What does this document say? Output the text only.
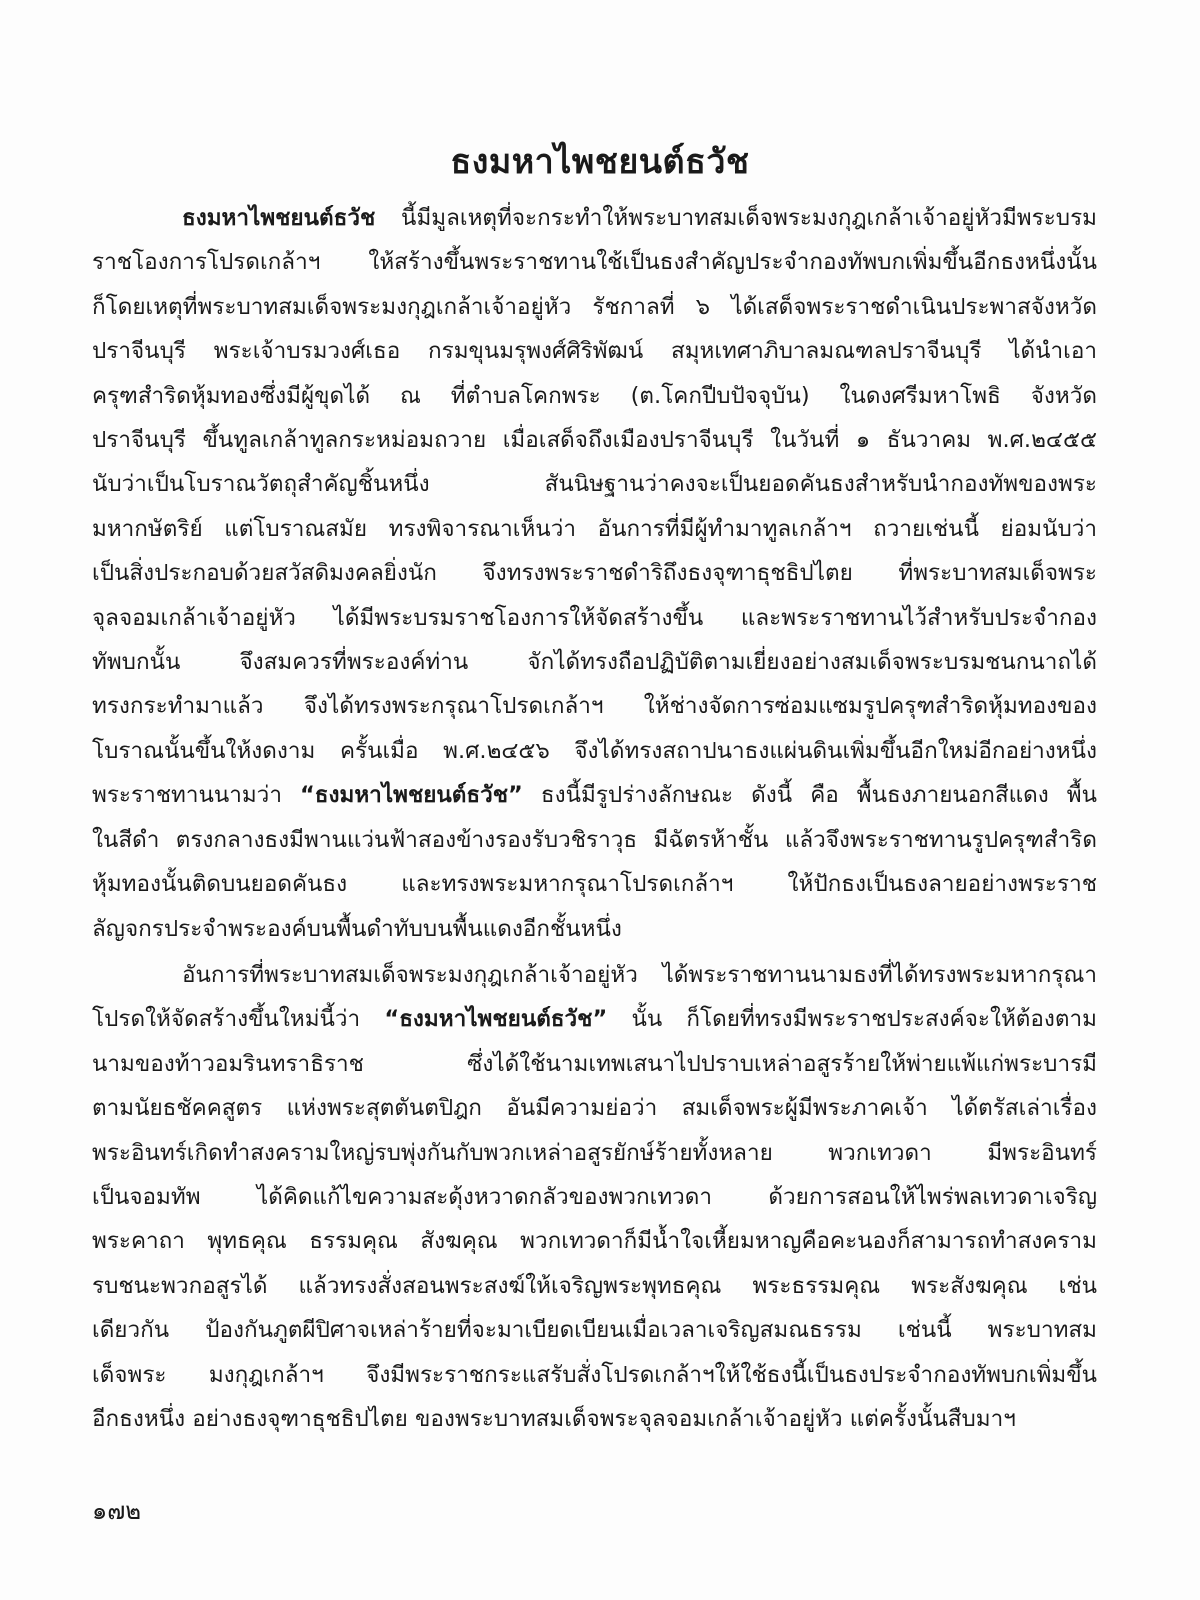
ธงมหาไพชยนต์ธวัช
ธงมหาไพชยนต์ธวัช นี้มีมูลเหตุที่จะกระทำให้พระบาทสมเด็จพระมงกุฎเกล้าเจ้าอยู่หัวมีพระบรม
ราชโองการโปรดเกล้าฯ ให้สร้างขึ้นพระราชทานใช้เป็นธงสำคัญประจำกองทัพบกเพิ่มขึ้นอีกธงหนึ่งนั้น
ก็โดยเหตุที่พระบาทสมเด็จพระมงกุฎเกล้าเจ้าอยู่หัว รัชกาลที่ ๖ ได้เสด็จพระราชดำเนินประพาสจังหวัด
ปราจีนบุรี พระเจ้าบรมวงศ์เธอ กรมขุนมรุพงศ์ศิริพัฒน์ สมุหเทศาภิบาลมณฑลปราจีนบุรี ได้นำเอา
ครุฑสำริดหุ้มทองซึ่งมีผู้ขุดได้ ณ ที่ตำบลโคกพระ (ต.โคกปีบปัจจุบัน) ในดงศรีมหาโพธิ จังหวัด
ปราจีนบุรี ขึ้นทูลเกล้าทูลกระหม่อมถวาย เมื่อเสด็จถึงเมืองปราจีนบุรี ในวันที่ ๑ ธันวาคม พ.ศ.๒๔๕๕
นับว่าเป็นโบราณวัตถุสำคัญชิ้นหนึ่ง สันนิษฐานว่าคงจะเป็นยอดคันธงสำหรับนำกองทัพของพระ
มหากษัตริย์ แต่โบราณสมัย ทรงพิจารณาเห็นว่า อันการที่มีผู้ทำมาทูลเกล้าฯ ถวายเช่นนี้ ย่อมนับว่า
เป็นสิ่งประกอบด้วยสวัสดิมงคลยิ่งนัก จึงทรงพระราชดำริถึงธงจุฑาธุชธิปไตย ที่พระบาทสมเด็จพระ
จุลจอมเกล้าเจ้าอยู่หัว ได้มีพระบรมราชโองการให้จัดสร้างขึ้น และพระราชทานไว้สำหรับประจำกอง
ทัพบกนั้น จึงสมควรที่พระองค์ท่าน จักได้ทรงถือปฏิบัติตามเยี่ยงอย่างสมเด็จพระบรมชนกนาถได้
ทรงกระทำมาแล้ว จึงได้ทรงพระกรุณาโปรดเกล้าฯ ให้ช่างจัดการซ่อมแซมรูปครุฑสำริดหุ้มทองของ
โบราณนั้นขึ้นให้งดงาม ครั้นเมื่อ พ.ศ.๒๔๕๖ จึงได้ทรงสถาปนาธงแผ่นดินเพิ่มขึ้นอีกใหม่อีกอย่างหนึ่ง
พระราชทานนามว่า “ธงมหาไพชยนต์ธวัช” ธงนี้มีรูปร่างลักษณะ ดังนี้ คือ พื้นธงภายนอกสีแดง พื้น
ในสีดำ ตรงกลางธงมีพานแว่นฟ้าสองข้างรองรับวชิราวุธ มีฉัตรห้าชั้น แล้วจึงพระราชทานรูปครุฑสำริด
หุ้มทองนั้นติดบนยอดคันธง และทรงพระมหากรุณาโปรดเกล้าฯ ให้ปักธงเป็นธงลายอย่างพระราช
ลัญจกรประจำพระองค์บนพื้นดำทับบนพื้นแดงอีกชั้นหนึ่ง
อันการที่พระบาทสมเด็จพระมงกุฎเกล้าเจ้าอยู่หัว ได้พระราชทานนามธงที่ได้ทรงพระมหากรุณา
โปรดให้จัดสร้างขึ้นใหม่นี้ว่า “ธงมหาไพชยนต์ธวัช” นั้น ก็โดยที่ทรงมีพระราชประสงค์จะให้ต้องตาม
นามของท้าวอมรินทราธิราช ซึ่งได้ใช้นามเทพเสนาไปปราบเหล่าอสูรร้ายให้พ่ายแพ้แก่พระบารมี
ตามนัยธชัคคสูตร แห่งพระสุตตันตปิฎก อันมีความย่อว่า สมเด็จพระผู้มีพระภาคเจ้า ได้ตรัสเล่าเรื่อง
พระอินทร์เกิดทำสงครามใหญ่รบพุ่งกันกับพวกเหล่าอสูรยักษ์ร้ายทั้งหลาย พวกเทวดา มีพระอินทร์
เป็นจอมทัพ ได้คิดแก้ไขความสะดุ้งหวาดกลัวของพวกเทวดา ด้วยการสอนให้ไพร่พลเทวดาเจริญ
พระคาถา พุทธคุณ ธรรมคุณ สังฆคุณ พวกเทวดาก็มีน้ำใจเหี้ยมหาญคือคะนองก็สามารถทำสงคราม
รบชนะพวกอสูรได้ แล้วทรงสั่งสอนพระสงฆ์ให้เจริญพระพุทธคุณ พระธรรมคุณ พระสังฆคุณ เช่น
เดียวกัน ป้องกันภูตผีปิศาจเหล่าร้ายที่จะมาเบียดเบียนเมื่อเวลาเจริญสมณธรรม เช่นนี้ พระบาทสม
เด็จพระ มงกุฎเกล้าฯ จึงมีพระราชกระแสรับสั่งโปรดเกล้าฯให้ใช้ธงนี้เป็นธงประจำกองทัพบกเพิ่มขึ้น
อีกธงหนึ่ง อย่างธงจุฑาธุชธิปไตย ของพระบาทสมเด็จพระจุลจอมเกล้าเจ้าอยู่หัว แต่ครั้งนั้นสืบมาฯ
๑๗๒
